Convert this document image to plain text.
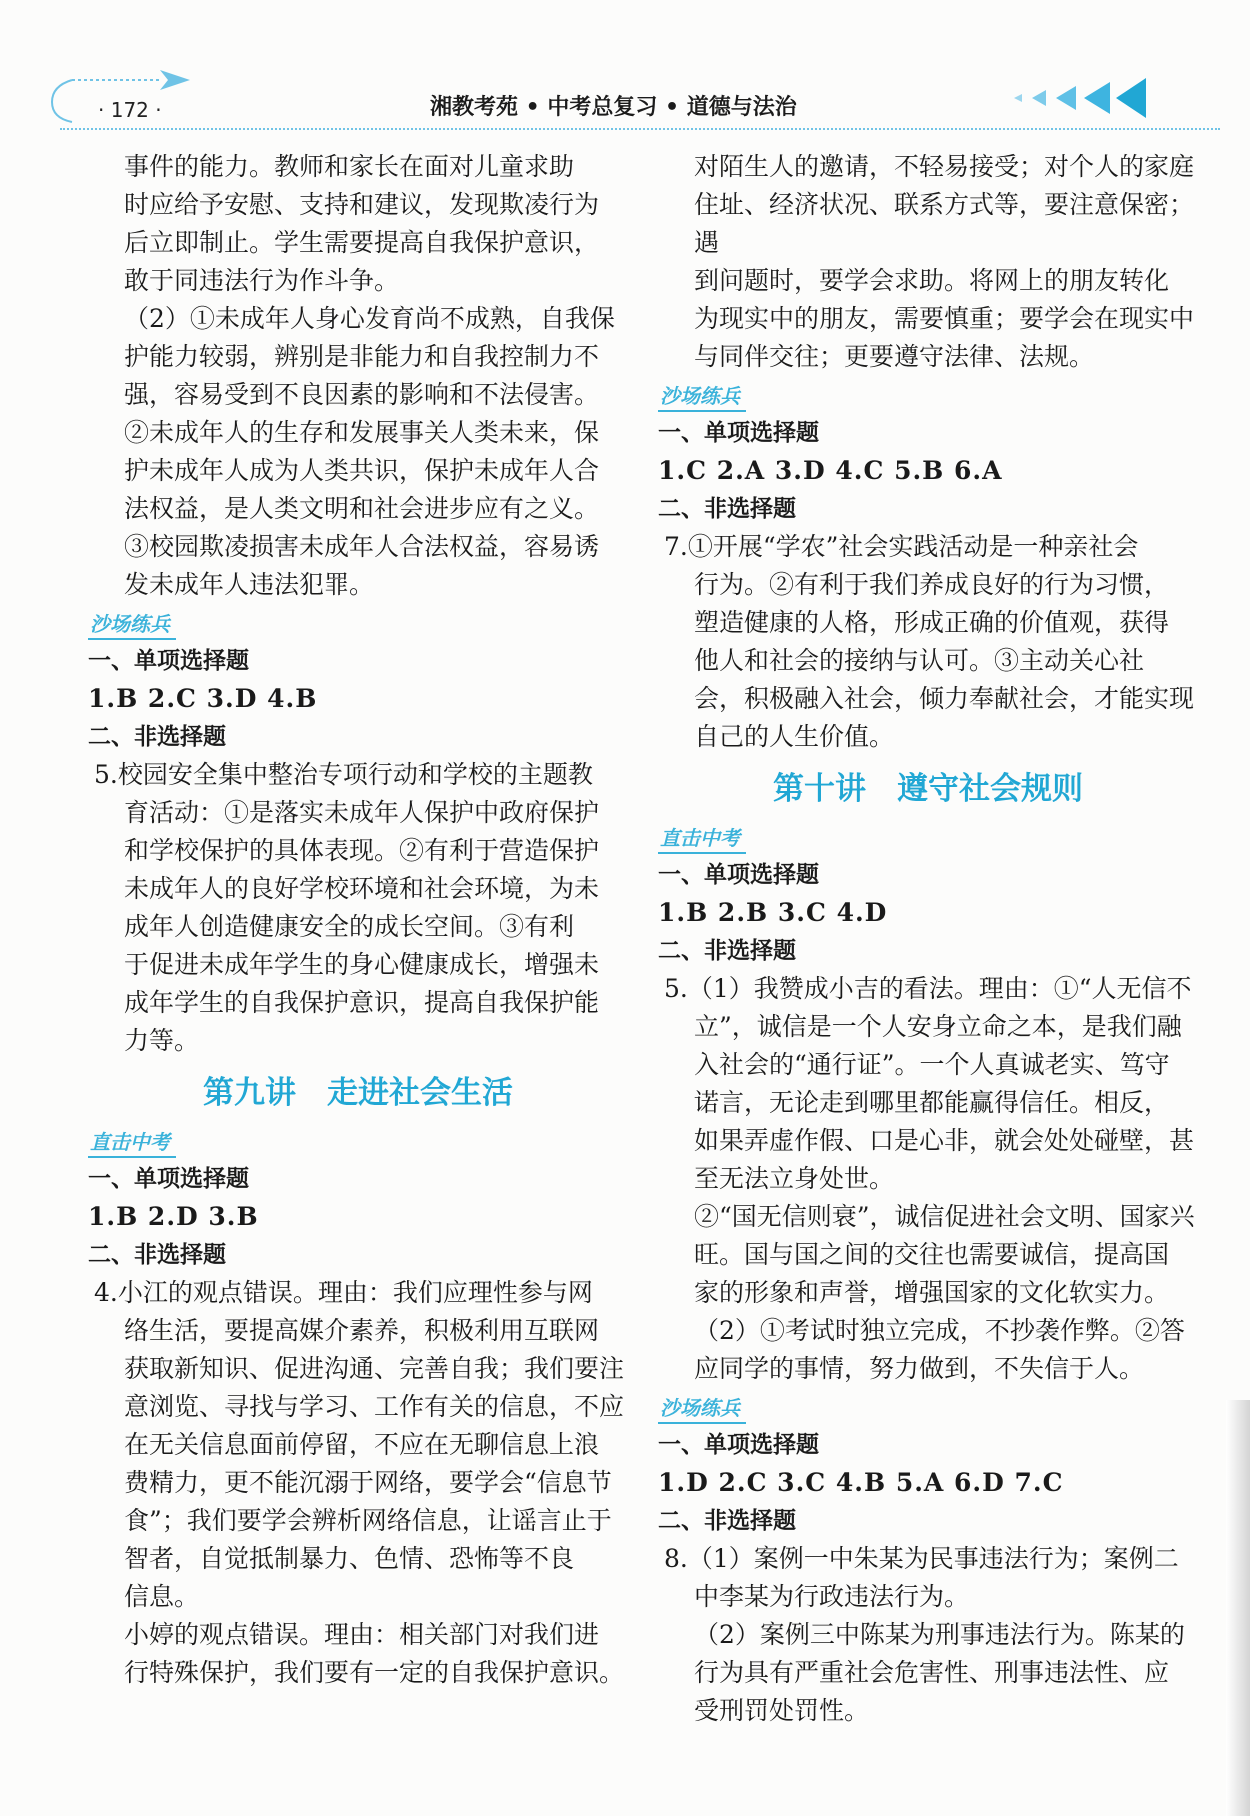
· 172 ·	湘教考苑 • 中考总复习 • 道德与法治

事件的能力。教师和家长在面对儿童求助

时应给予安慰、支持和建议，发现欺凌行为

后立即制止。学生需要提高自我保护意识，

敢于同违法行为作斗争。

（2）①未成年人身心发育尚不成熟，自我保

护能力较弱，辨别是非能力和自我控制力不

强，容易受到不良因素的影响和不法侵害。

②未成年人的生存和发展事关人类未来，保

护未成年人成为人类共识，保护未成年人合

法权益，是人类文明和社会进步应有之义。

③校园欺凌损害未成年人合法权益，容易诱

发未成年人违法犯罪。

沙场练兵

一、单项选择题

1.B 2.C 3.D 4.B

二、非选择题

5.校园安全集中整治专项行动和学校的主题教

育活动：①是落实未成年人保护中政府保护

和学校保护的具体表现。②有利于营造保护

未成年人的良好学校环境和社会环境，为未

成年人创造健康安全的成长空间。③有利

于促进未成年学生的身心健康成长，增强未

成年学生的自我保护意识，提高自我保护能

力等。

第九讲　走进社会生活
直击中考

一、单项选择题

1.B 2.D 3.B

二、非选择题

4.小江的观点错误。理由：我们应理性参与网

络生活，要提高媒介素养，积极利用互联网

获取新知识、促进沟通、完善自我；我们要注

意浏览、寻找与学习、工作有关的信息，不应

在无关信息面前停留，不应在无聊信息上浪

费精力，更不能沉溺于网络，要学会“信息节

食”；我们要学会辨析网络信息，让谣言止于

智者，自觉抵制暴力、色情、恐怖等不良

信息。

小婷的观点错误。理由：相关部门对我们进

行特殊保护，我们要有一定的自我保护意识。

对陌生人的邀请，不轻易接受；对个人的家庭

住址、经济状况、联系方式等，要注意保密；遇

到问题时，要学会求助。将网上的朋友转化

为现实中的朋友，需要慎重；要学会在现实中

与同伴交往；更要遵守法律、法规。

沙场练兵

一、单项选择题

1.C 2.A 3.D 4.C 5.B 6.A

二、非选择题

7.①开展“学农”社会实践活动是一种亲社会

行为。②有利于我们养成良好的行为习惯，

塑造健康的人格，形成正确的价值观，获得

他人和社会的接纳与认可。③主动关心社

会，积极融入社会，倾力奉献社会，才能实现

自己的人生价值。

第十讲　遵守社会规则
直击中考

一、单项选择题

1.B 2.B 3.C 4.D

二、非选择题

5.（1）我赞成小吉的看法。理由：①“人无信不

立”，诚信是一个人安身立命之本，是我们融

入社会的“通行证”。一个人真诚老实、笃守

诺言，无论走到哪里都能赢得信任。相反，

如果弄虚作假、口是心非，就会处处碰壁，甚

至无法立身处世。

②“国无信则衰”，诚信促进社会文明、国家兴

旺。国与国之间的交往也需要诚信，提高国

家的形象和声誉，增强国家的文化软实力。

（2）①考试时独立完成，不抄袭作弊。②答

应同学的事情，努力做到，不失信于人。

沙场练兵

一、单项选择题

1.D 2.C 3.C 4.B 5.A 6.D 7.C

二、非选择题

8.（1）案例一中朱某为民事违法行为；案例二

中李某为行政违法行为。

（2）案例三中陈某为刑事违法行为。陈某的

行为具有严重社会危害性、刑事违法性、应

受刑罚处罚性。
